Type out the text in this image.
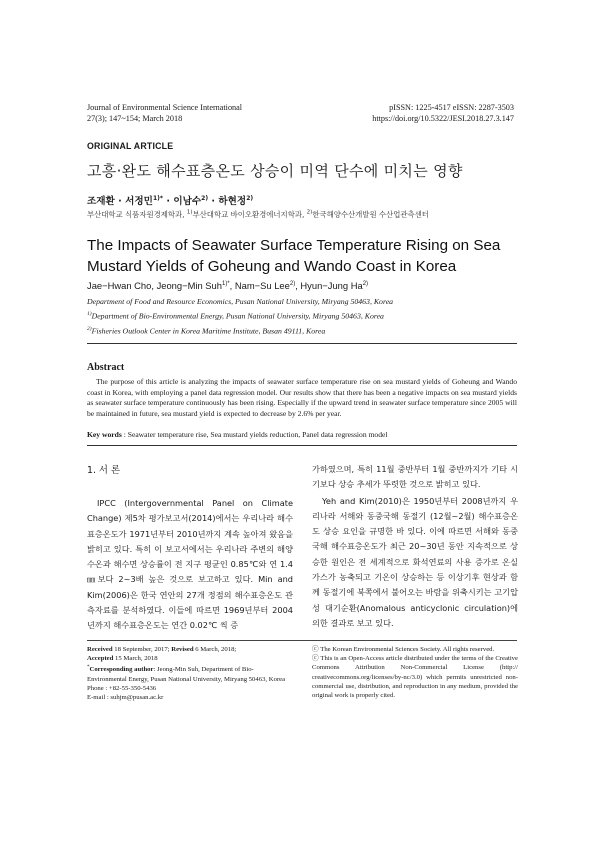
Journal of Environmental Science International
27(3); 147~154; March 2018
pISSN: 1225-4517 eISSN: 2287-3503
https://doi.org/10.5322/JESI.2018.27.3.147
ORIGINAL ARTICLE
고흥·완도 해수표층온도 상승이 미역 단수에 미치는 영향
조재환 · 서정민$^{1)*}$ · 이남수$^{2)}$ · 하현정$^{2)}$
부산대학교 식품자원경제학과, $^{1)}$부산대학교 바이오환경에너지학과, $^{2)}$한국해양수산개발원 수산업관측센터
The Impacts of Seawater Surface Temperature Rising on Sea Mustard Yields of Goheung and Wando Coast in Korea
Jae−Hwan Cho, Jeong−Min Suh$^{1)*}$, Nam−Su Lee$^{2)}$, Hyun−Jung Ha$^{2)}$
Department of Food and Resource Economics, Pusan National University, Miryang 50463, Korea
$^{1)}$Department of Bio-Environmental Energy, Pusan National University, Miryang 50463, Korea
$^{2)}$Fisheries Outlook Center in Korea Maritime Institute, Busan 49111, Korea
Abstract
The purpose of this article is analyzing the impacts of seawater surface temperature rise on sea mustard yields of Goheung and Wando coast in Korea, with employing a panel data regression model. Our results show that there has been a negative impacts on sea mustard yields as seawater surface temperature continuously has been rising. Especially if the upward trend in seawater surface temperature since 2005 will be maintained in future, sea mustard yield is expected to decrease by 2.6% per year.
Key words : Seawater temperature rise, Sea mustard yields reduction, Panel data regression model
1. 서 론

IPCC (Intergovernmental Panel on Climate Change) 제5차 평가보고서(2014)에서는 우리나라 해수표층온도가 1971년부터 2010년까지 계속 높아져 왔음을 밝히고 있다. 특히 이 보고서에서는 우리나라 주변의 해양 수온과 해수면 상승률이 전 지구 평균인 0.85℃와 연 1.4 ㎜보다 2~3배 높은 것으로 보고하고 있다. Min and Kim(2006)은 한국 연안의 27개 정점의 해수표층온도 관측자료를 분석하였다. 이들에 따르면 1969년부터 2004년까지 해수표층온도는 연간 0.02℃ 씩 증

가하였으며, 특히 11월 중반부터 1월 중반까지가 기타 시기보다 상승 추세가 뚜렷한 것으로 밝히고 있다.

Yeh and Kim(2010)은 1950년부터 2008년까지 우리나라 서해와 동중국해 동절기 (12월~2월) 해수표층온도 상승 요인을 규명한 바 있다. 이에 따르면 서해와 동중국해 해수표층온도가 최근 20~30년 동안 지속적으로 상승한 원인은 전 세계적으로 화석연료의 사용 증가로 온실가스가 농축되고 기온이 상승하는 등 이상기후 현상과 함께 동절기에 북쪽에서 불어오는 바람을 위축시키는 고기압성 대기순환(Anomalous anticyclonic circulation)에 의한 결과로 보고 있다.

Received 18 September, 2017; Revised 6 March, 2018;
Accepted 15 March, 2018
*Corresponding author: Jeong-Min Suh, Department of Bio-Environmental Energy, Pusan National University, Miryang 50463, Korea
Phone : +82-55-350-5436
E-mail : suhjm@pusan.ac.kr
ⓒ The Korean Environmental Sciences Society. All rights reserved.
ⓒ This is an Open-Access article distributed under the terms of the Creative Commons Attribution Non-Commercial License (http:// creativecommons.org/licenses/by-nc/3.0) which permits unrestricted non-commercial use, distribution, and reproduction in any medium, provided the original work is properly cited.
